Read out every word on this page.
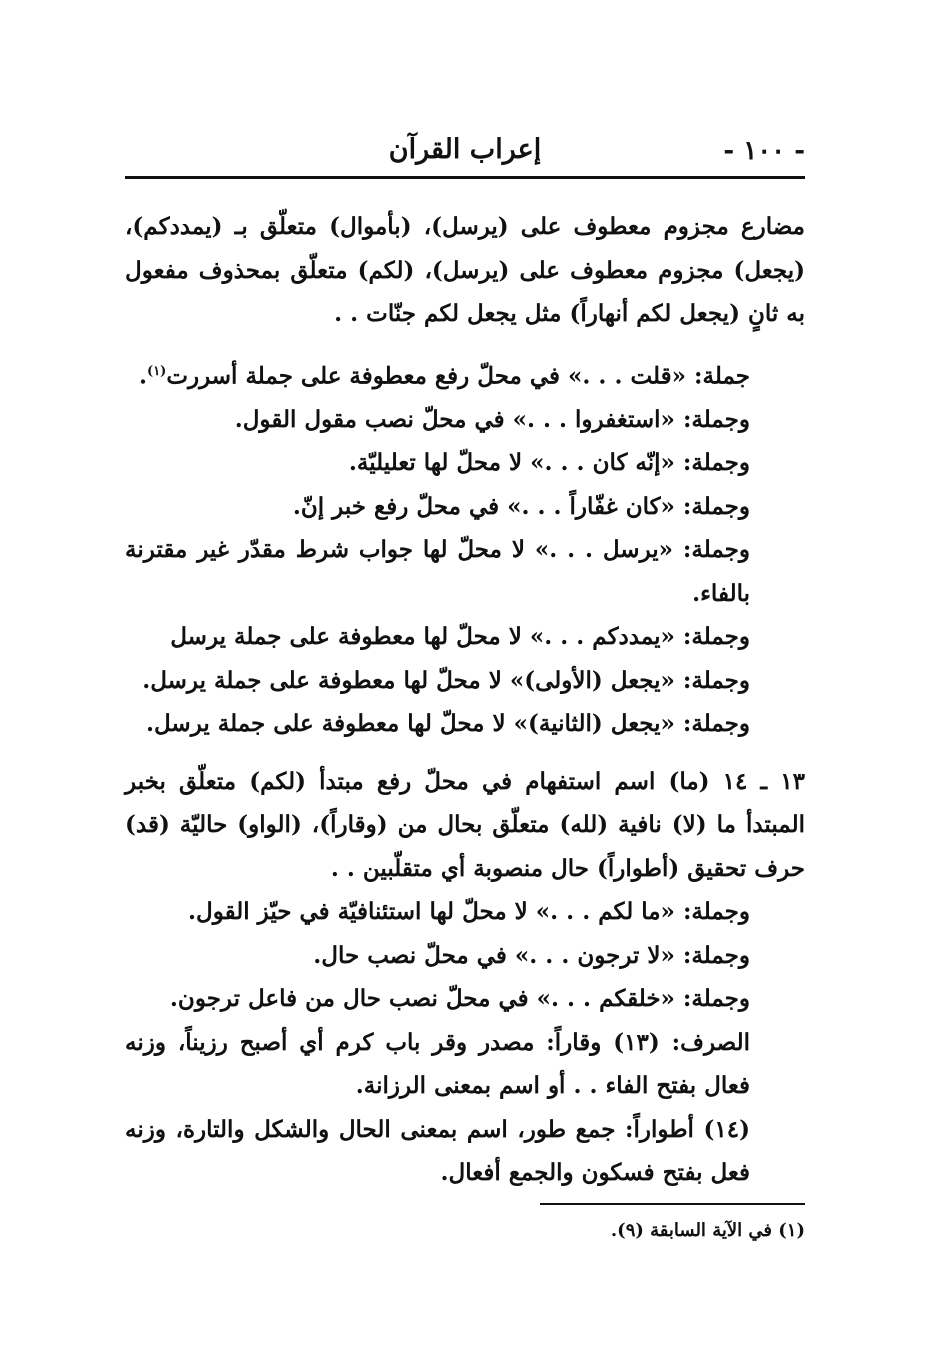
- ١٠٠ -
إعراب القرآن

مضارع مجزوم معطوف على (يرسل)، (بأموال) متعلّق بـ (يمددكم)، (يجعل) مجزوم معطوف على (يرسل)، (لكم) متعلّق بمحذوف مفعول به ثانٍ (يجعل لكم أنهاراً) مثل يجعل لكم جنّات . .

جملة: «قلت . . .» في محلّ رفع معطوفة على جملة أسررت$^{(١)}$.

وجملة: «استغفروا . . .» في محلّ نصب مقول القول.

وجملة: «إنّه كان . . .» لا محلّ لها تعليليّة.

وجملة: «كان غفّاراً . . .» في محلّ رفع خبر إنّ.

وجملة: «يرسل . . .» لا محلّ لها جواب شرط مقدّر غير مقترنة بالفاء.

وجملة: «يمددكم . . .» لا محلّ لها معطوفة على جملة يرسل

وجملة: «يجعل (الأولى)» لا محلّ لها معطوفة على جملة يرسل.

وجملة: «يجعل (الثانية)» لا محلّ لها معطوفة على جملة يرسل.

١٣ ـ ١٤ (ما) اسم استفهام في محلّ رفع مبتدأ (لكم) متعلّق بخبر المبتدأ ما (لا) نافية (لله) متعلّق بحال من (وقاراً)، (الواو) حاليّة (قد) حرف تحقيق (أطواراً) حال منصوبة أي متقلّبين . .

وجملة: «ما لكم . . .» لا محلّ لها استئنافيّة في حيّز القول.

وجملة: «لا ترجون . . .» في محلّ نصب حال.

وجملة: «خلقكم . . .» في محلّ نصب حال من فاعل ترجون.

الصرف: (١٣) وقاراً: مصدر وقر باب كرم أي أصبح رزيناً، وزنه فعال بفتح الفاء . . أو اسم بمعنى الرزانة.

(١٤) أطواراً: جمع طور، اسم بمعنى الحال والشكل والتارة، وزنه فعل بفتح فسكون والجمع أفعال.

(١) في الآية السابقة (٩).
